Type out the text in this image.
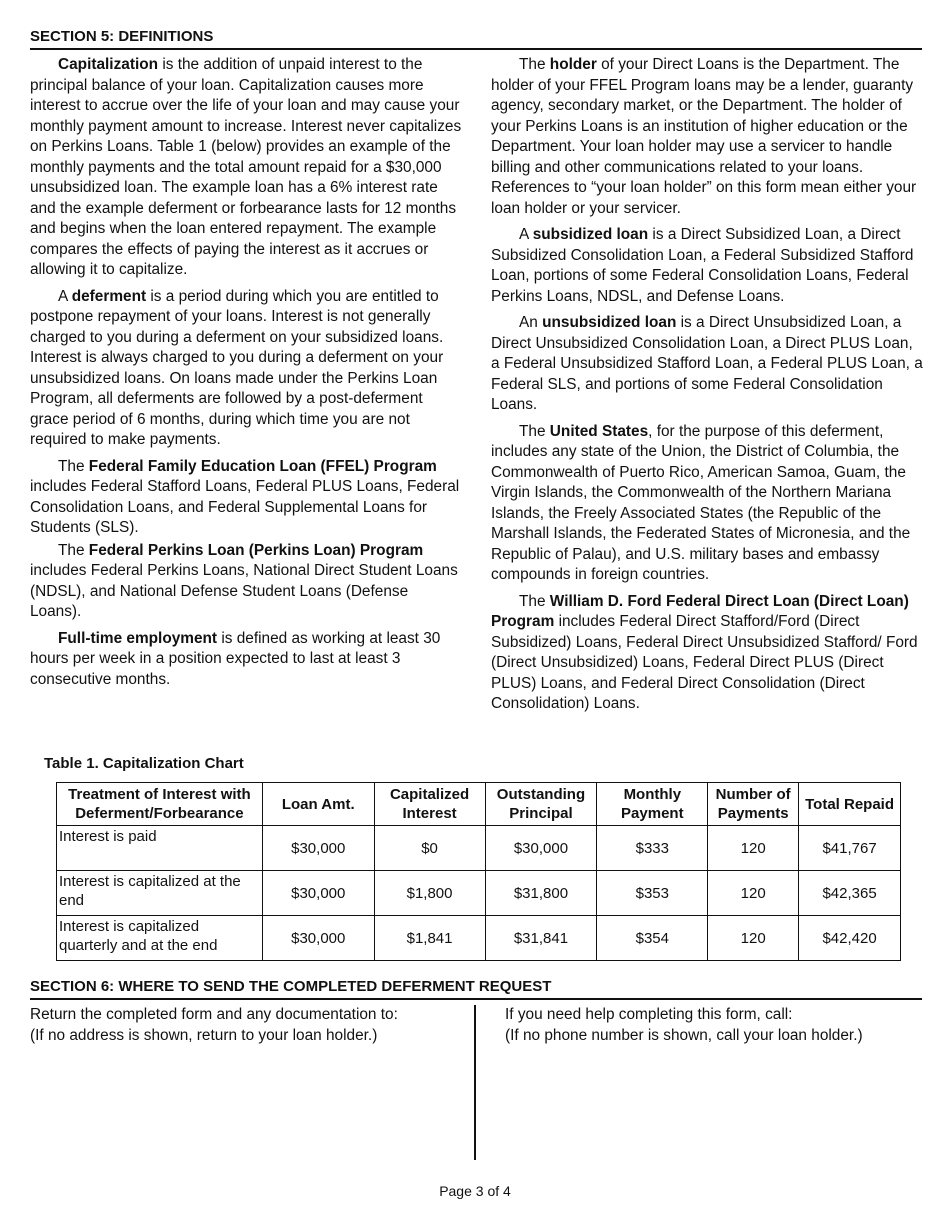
SECTION 5: DEFINITIONS

Capitalization is the addition of unpaid interest to the principal balance of your loan. Capitalization causes more interest to accrue over the life of your loan and may cause your monthly payment amount to increase. Interest never capitalizes on Perkins Loans. Table 1 (below) provides an example of the monthly payments and the total amount repaid for a $30,000 unsubsidized loan. The example loan has a 6% interest rate and the example deferment or forbearance lasts for 12 months and begins when the loan entered repayment. The example compares the effects of paying the interest as it accrues or allowing it to capitalize.

A deferment is a period during which you are entitled to postpone repayment of your loans. Interest is not generally charged to you during a deferment on your subsidized loans. Interest is always charged to you during a deferment on your unsubsidized loans. On loans made under the Perkins Loan Program, all deferments are followed by a post-deferment grace period of 6 months, during which time you are not required to make payments.

The Federal Family Education Loan (FFEL) Program includes Federal Stafford Loans, Federal PLUS Loans, Federal Consolidation Loans, and Federal Supplemental Loans for Students (SLS).

The Federal Perkins Loan (Perkins Loan) Program includes Federal Perkins Loans, National Direct Student Loans (NDSL), and National Defense Student Loans (Defense Loans).

Full-time employment is defined as working at least 30 hours per week in a position expected to last at least 3 consecutive months.

The holder of your Direct Loans is the Department. The holder of your FFEL Program loans may be a lender, guaranty agency, secondary market, or the Department. The holder of your Perkins Loans is an institution of higher education or the Department. Your loan holder may use a servicer to handle billing and other communications related to your loans. References to “your loan holder” on this form mean either your loan holder or your servicer.

A subsidized loan is a Direct Subsidized Loan, a Direct Subsidized Consolidation Loan, a Federal Subsidized Stafford Loan, portions of some Federal Consolidation Loans, Federal Perkins Loans, NDSL, and Defense Loans.

An unsubsidized loan is a Direct Unsubsidized Loan, a Direct Unsubsidized Consolidation Loan, a Direct PLUS Loan, a Federal Unsubsidized Stafford Loan, a Federal PLUS Loan, a Federal SLS, and portions of some Federal Consolidation Loans.

The United States, for the purpose of this deferment, includes any state of the Union, the District of Columbia, the Commonwealth of Puerto Rico, American Samoa, Guam, the Virgin Islands, the Commonwealth of the Northern Mariana Islands, the Freely Associated States (the Republic of the Marshall Islands, the Federated States of Micronesia, and the Republic of Palau), and U.S. military bases and embassy compounds in foreign countries.

The William D. Ford Federal Direct Loan (Direct Loan) Program includes Federal Direct Stafford/Ford (Direct Subsidized) Loans, Federal Direct Unsubsidized Stafford/ Ford (Direct Unsubsidized) Loans, Federal Direct PLUS (Direct PLUS) Loans, and Federal Direct Consolidation (Direct Consolidation) Loans.

Table 1. Capitalization Chart
Treatment of Interest with Deferment/Forbearance	Loan Amt.	Capitalized Interest	Outstanding Principal	Monthly Payment	Number of Payments	Total Repaid
Interest is paid	$30,000	$0	$30,000	$333	120	$41,767
Interest is capitalized at the end	$30,000	$1,800	$31,800	$353	120	$42,365
Interest is capitalized quarterly and at the end	$30,000	$1,841	$31,841	$354	120	$42,420
SECTION 6: WHERE TO SEND THE COMPLETED DEFERMENT REQUEST
Return the completed form and any documentation to:
(If no address is shown, return to your loan holder.)
If you need help completing this form, call:
(If no phone number is shown, call your loan holder.)
Page 3 of 4
